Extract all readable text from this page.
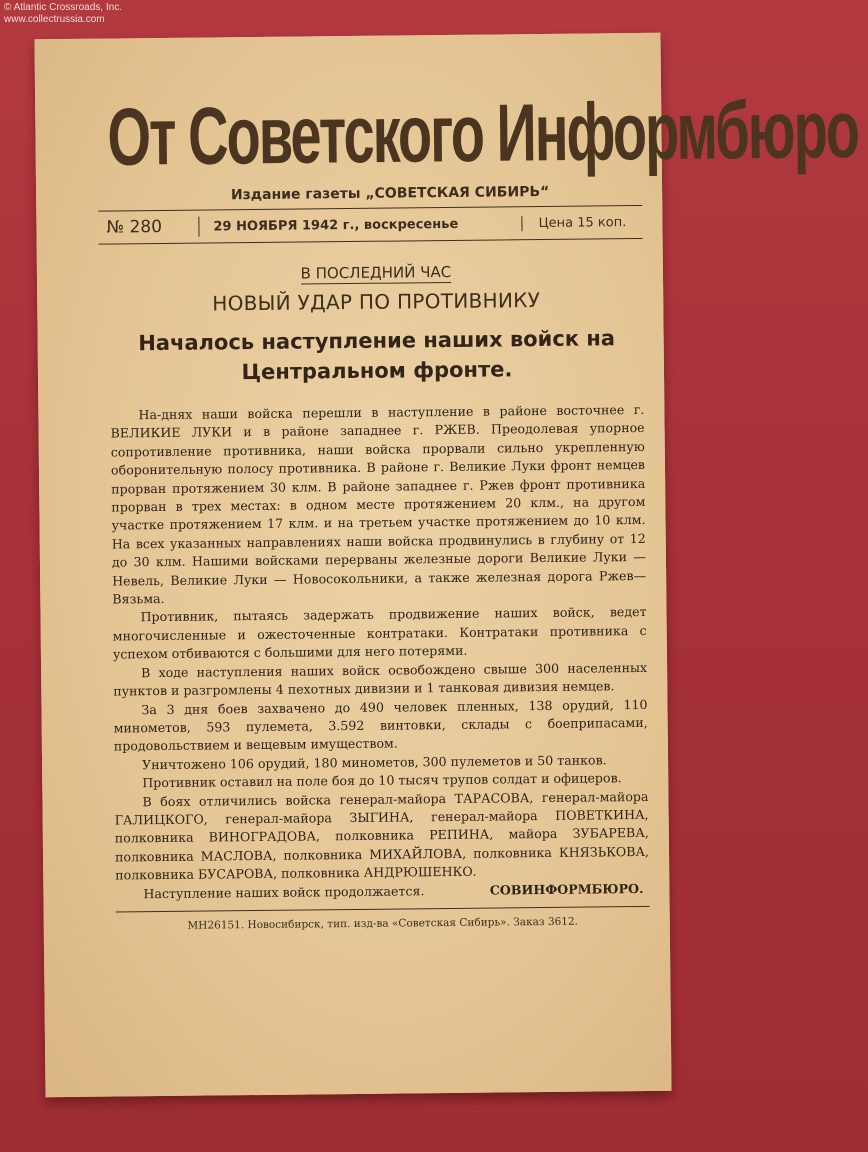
© Atlantic Crossroads, Inc.
www.collectrussia.com
От Советского Информбюро
Издание газеты „СОВЕТСКАЯ СИБИРЬ“
№ 280	29 НОЯБРЯ 1942 г., воскресенье	Цена 15 коп.
В ПОСЛЕДНИЙ ЧАС
НОВЫЙ УДАР ПО ПРОТИВНИКУ
Началось наступление наших войск на Центральном фронте.

На-днях наши войска перешли в наступление в районе восточнее г. ВЕЛИКИЕ ЛУКИ и в районе западнее г. РЖЕВ. Преодолевая упорное сопротивление противника, наши войска прорвали сильно укрепленную оборонительную полосу противника. В районе г. Великие Луки фронт немцев прорван протяжением 30 клм. В районе западнее г. Ржев фронт противника прорван в трех местах: в одном месте протяжением 20 клм., на другом участке протяжением 17 клм. и на третьем участке протяжением до 10 клм. На всех указанных направлениях наши войска продвинулись в глубину от 12 до 30 клм. Нашими войсками перерваны железные дороги Великие Луки — Невель, Великие Луки — Новосокольники, а также железная дорога Ржев—Вязьма.

Противник, пытаясь задержать продвижение наших войск, ведет многочисленные и ожесточенные контратаки. Контратаки противника с успехом отбиваются с большими для него потерями.

В ходе наступления наших войск освобождено свыше 300 населенных пунктов и разгромлены 4 пехотных дивизии и 1 танковая дивизия немцев.

За 3 дня боев захвачено до 490 человек пленных, 138 орудий, 110 минометов, 593 пулемета, 3.592 винтовки, склады с боеприпасами, продовольствием и вещевым имуществом.

Уничтожено 106 орудий, 180 минометов, 300 пулеметов и 50 танков.

Противник оставил на поле боя до 10 тысяч трупов солдат и офицеров.

В боях отличились войска генерал-майора ТАРАСОВА, генерал-майора ГАЛИЦКОГО, генерал-майора ЗЫГИНА, генерал-майора ПОВЕТКИНА, полковника ВИНОГРАДОВА, полковника РЕПИНА, майора ЗУБАРЕВА, полковника МАСЛОВА, полковника МИХАЙЛОВА, полковника КНЯЗЬКОВА, полковника БУСАРОВА, полковника АНДРЮШЕНКО.

Наступление наших войск продолжается.	СОВИНФОРМБЮРО.
МН26151. Новосибирск, тип. изд-ва «Советская Сибирь». Заказ 3612.
